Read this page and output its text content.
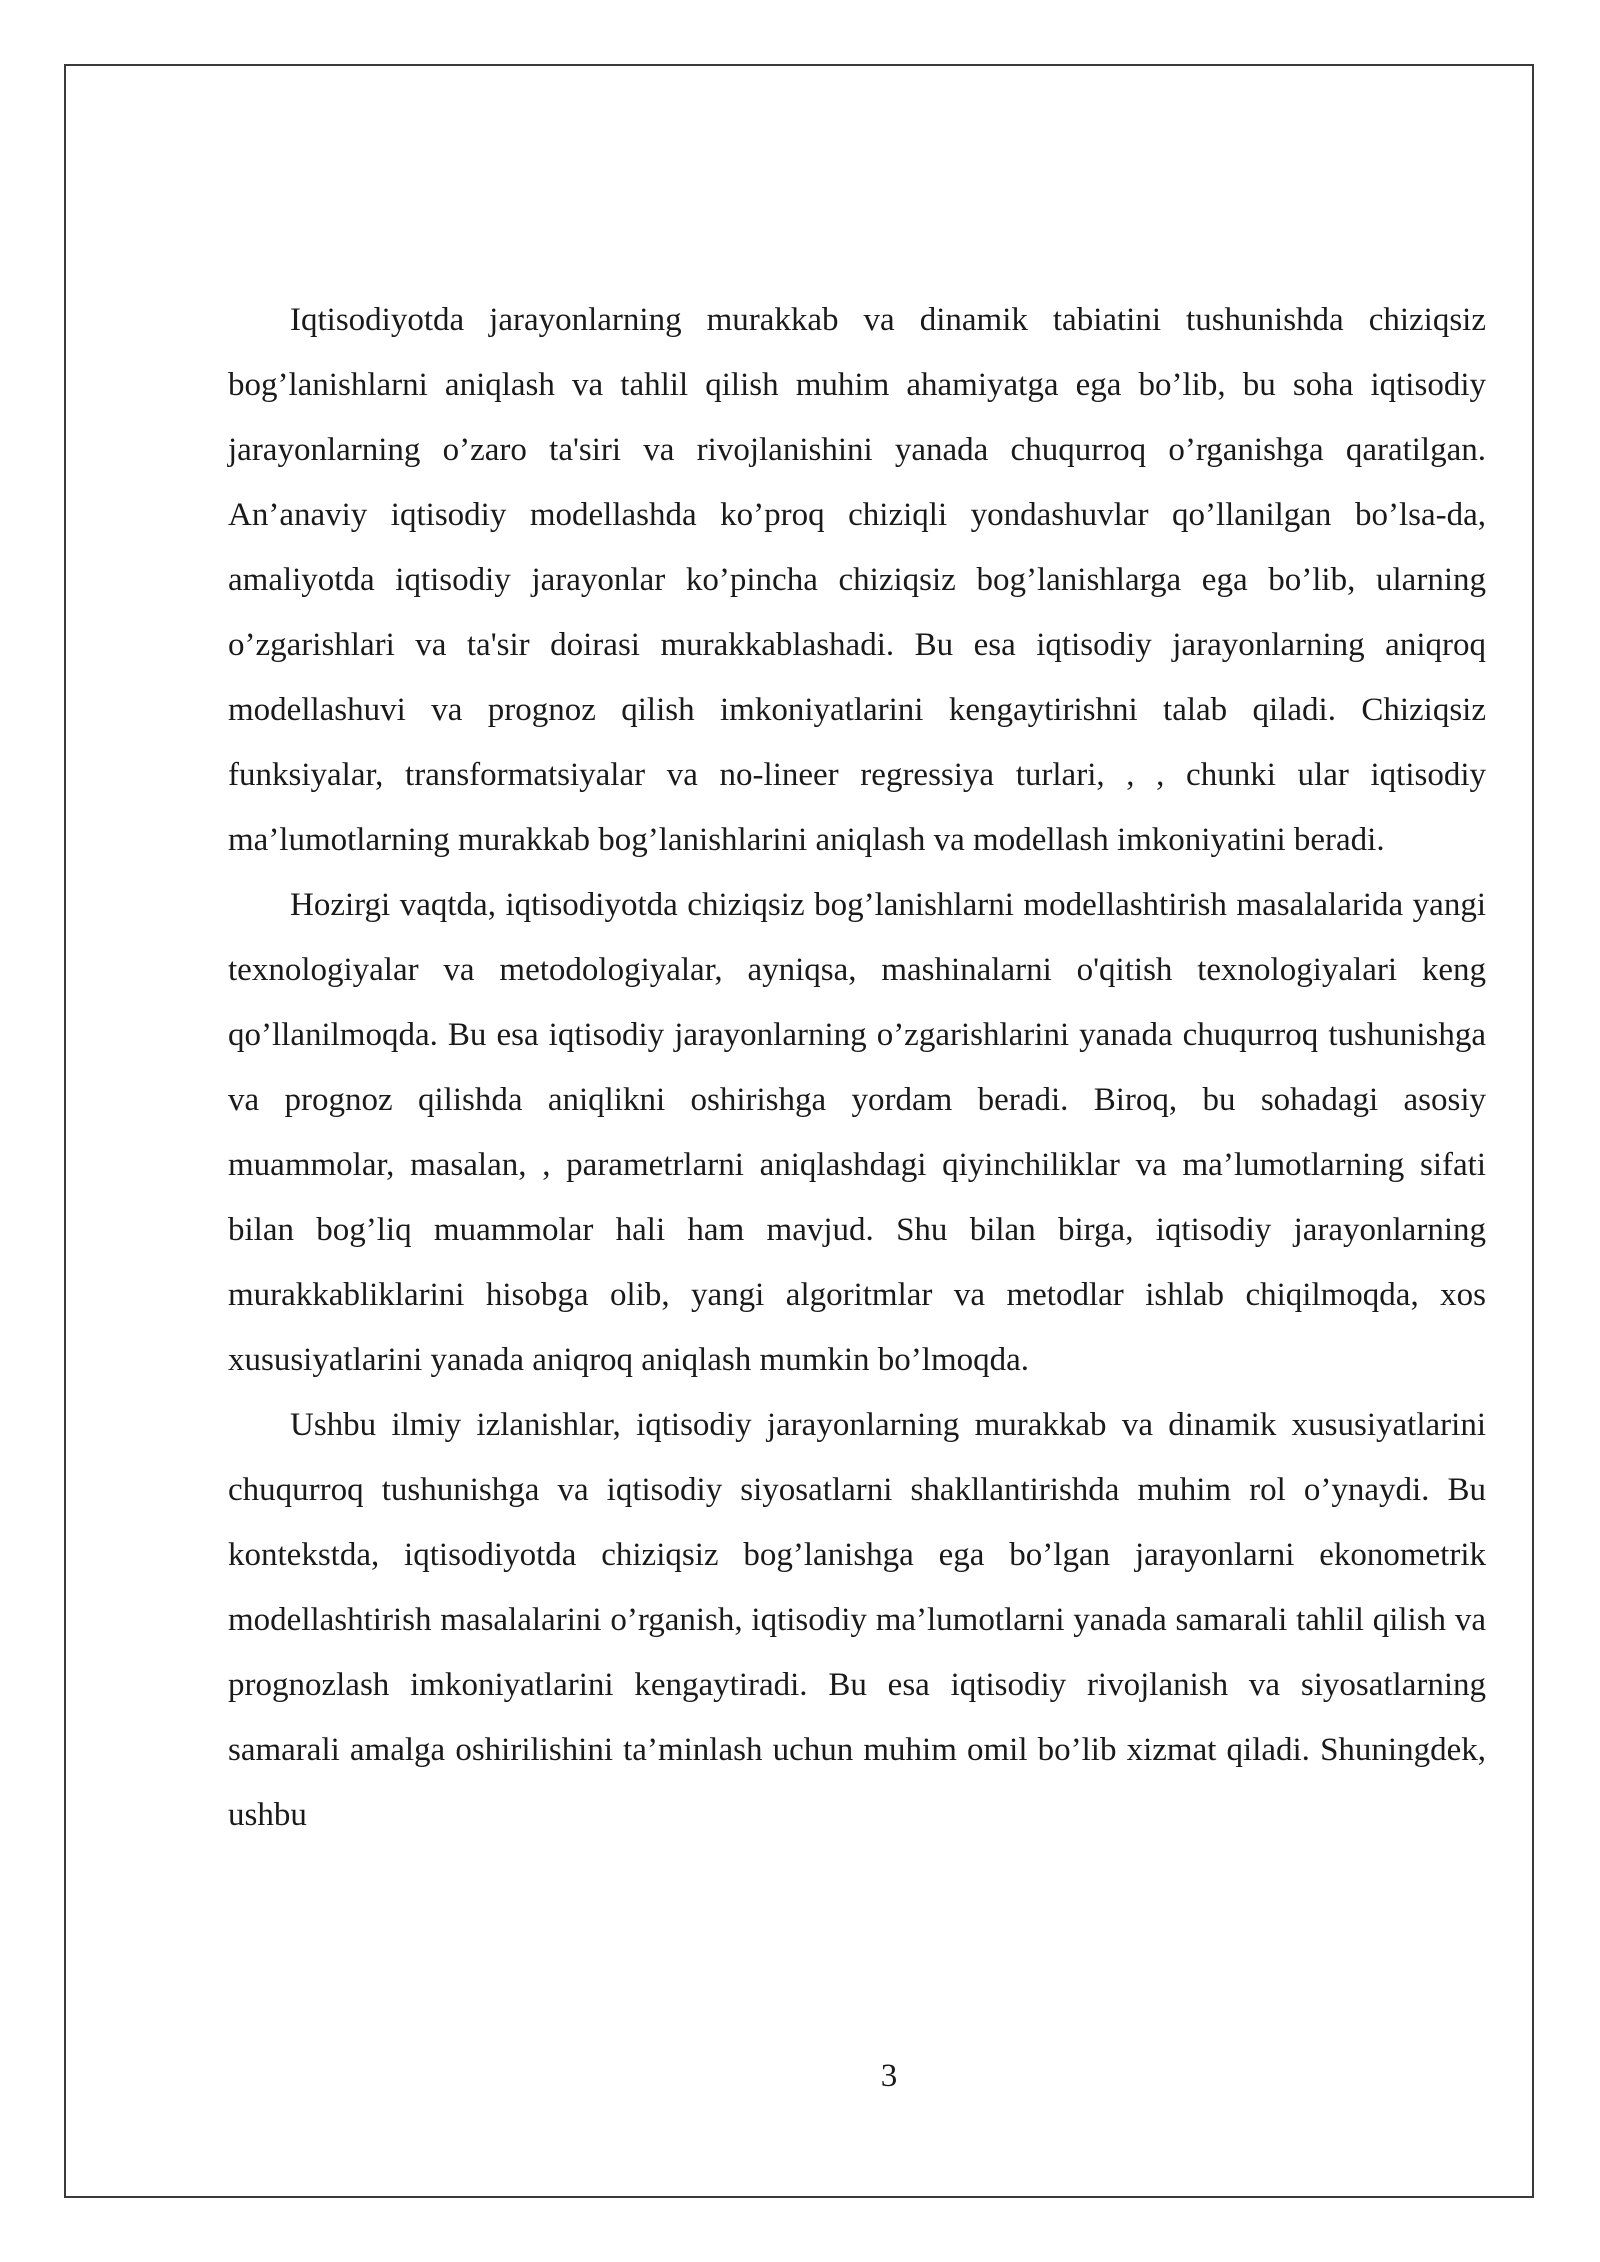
Iqtisodiyotda jarayonlarning murakkab va dinamik tabiatini tushunishda chiziqsiz bog’lanishlarni aniqlash va tahlil qilish muhim ahamiyatga ega bo’lib, bu soha iqtisodiy jarayonlarning o’zaro ta'siri va rivojlanishini yanada chuqurroq o’rganishga qaratilgan. An’anaviy iqtisodiy modellashda ko’proq chiziqli yondashuvlar qo’llanilgan bo’lsa-da, amaliyotda iqtisodiy jarayonlar ko’pincha chiziqsiz bog’lanishlarga ega bo’lib, ularning o’zgarishlari va ta'sir doirasi murakkablashadi. Bu esa iqtisodiy jarayonlarning aniqroq modellashuvi va prognoz qilish imkoniyatlarini kengaytirishni talab qiladi. Chiziqsiz funksiyalar, transformatsiyalar va no-lineer regressiya turlari, , , chunki ular iqtisodiy ma’lumotlarning murakkab bog’lanishlarini aniqlash va modellash imkoniyatini beradi.

Hozirgi vaqtda, iqtisodiyotda chiziqsiz bog’lanishlarni modellashtirish masalalarida yangi texnologiyalar va metodologiyalar, ayniqsa, mashinalarni o'qitish texnologiyalari keng qo’llanilmoqda. Bu esa iqtisodiy jarayonlarning o’zgarishlarini yanada chuqurroq tushunishga va prognoz qilishda aniqlikni oshirishga yordam beradi. Biroq, bu sohadagi asosiy muammolar, masalan, , parametrlarni aniqlashdagi qiyinchiliklar va ma’lumotlarning sifati bilan bog’liq muammolar hali ham mavjud. Shu bilan birga, iqtisodiy jarayonlarning murakkabliklarini hisobga olib, yangi algoritmlar va metodlar ishlab chiqilmoqda, xos xususiyatlarini yanada aniqroq aniqlash mumkin bo’lmoqda.

Ushbu ilmiy izlanishlar, iqtisodiy jarayonlarning murakkab va dinamik xususiyatlarini chuqurroq tushunishga va iqtisodiy siyosatlarni shakllantirishda muhim rol o’ynaydi. Bu kontekstda, iqtisodiyotda chiziqsiz bog’lanishga ega bo’lgan jarayonlarni ekonometrik modellashtirish masalalarini o’rganish, iqtisodiy ma’lumotlarni yanada samarali tahlil qilish va prognozlash imkoniyatlarini kengaytiradi. Bu esa iqtisodiy rivojlanish va siyosatlarning samarali amalga oshirilishini ta’minlash uchun muhim omil bo’lib xizmat qiladi. Shuningdek, ushbu

3
